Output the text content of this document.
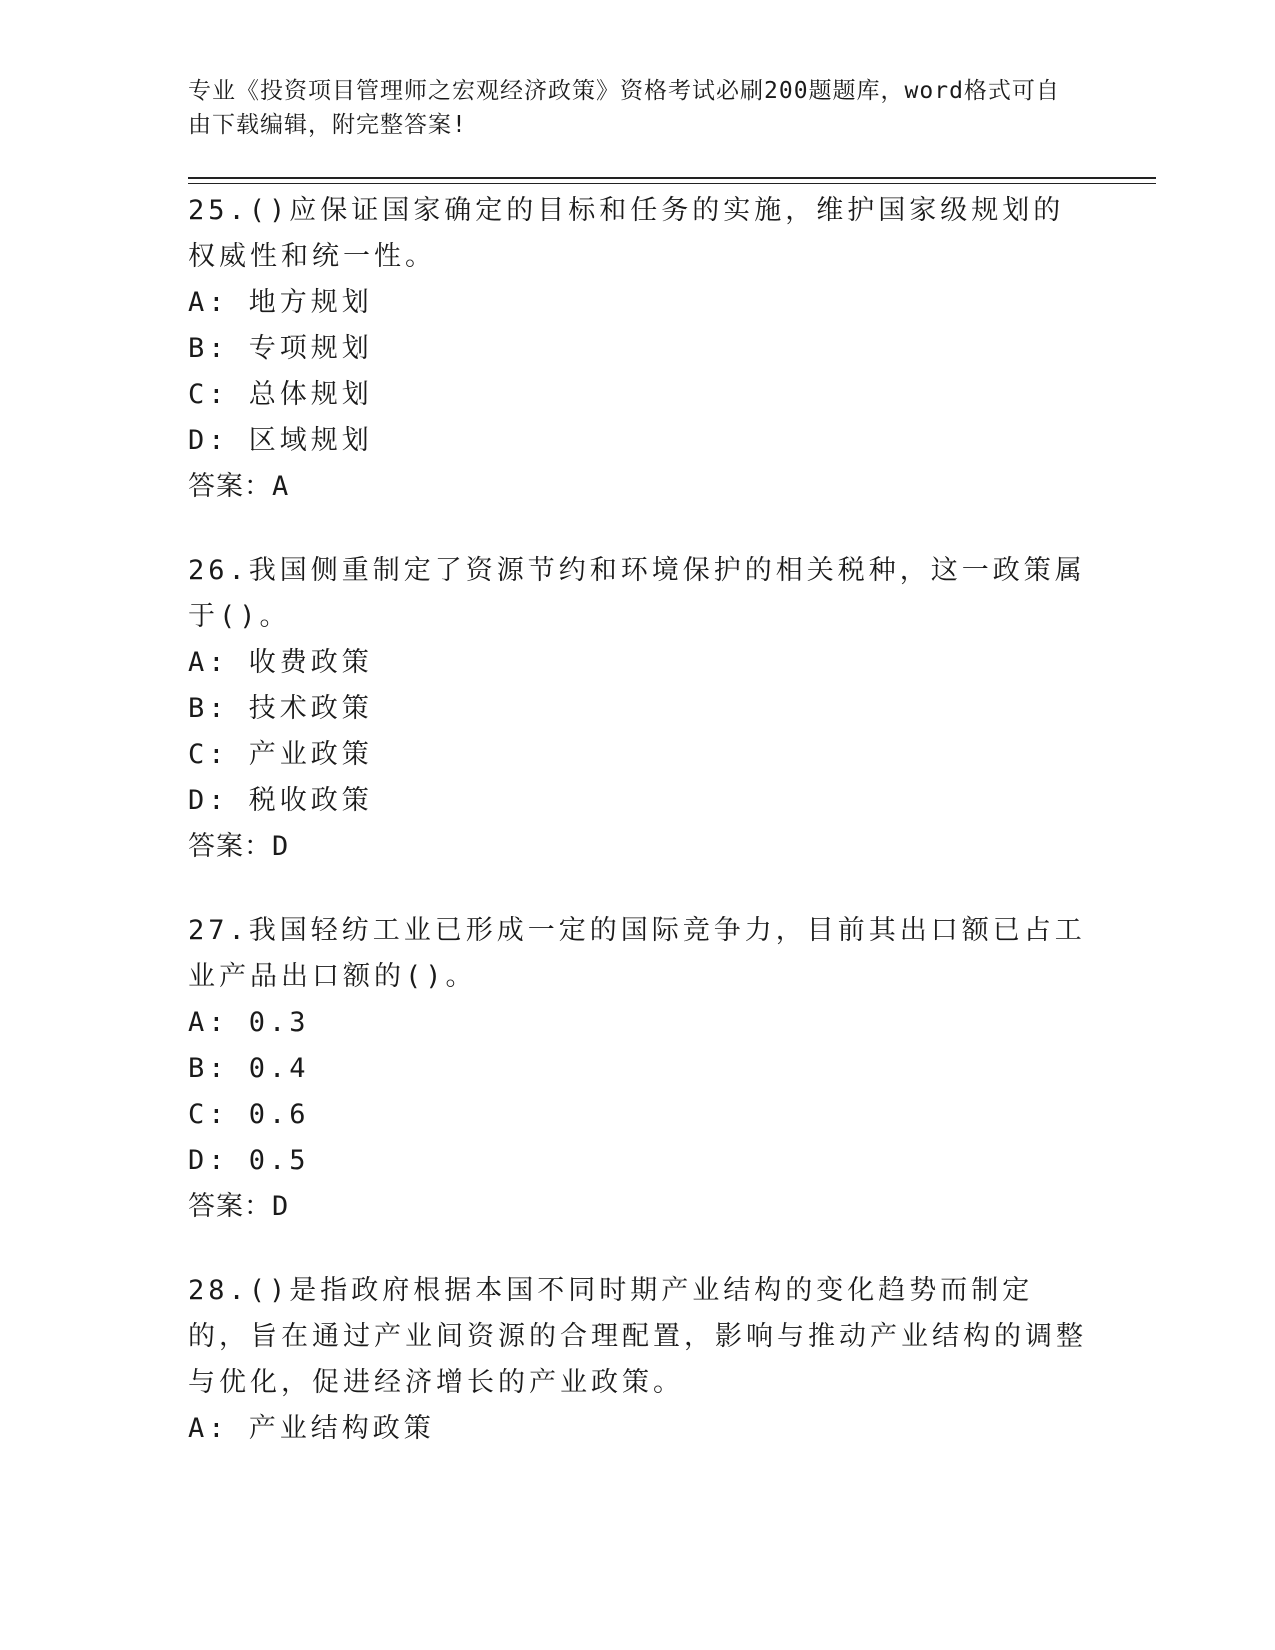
专业《投资项目管理师之宏观经济政策》资格考试必刷200题题库，word格式可自由下载编辑，附完整答案!

25.()应保证国家确定的目标和任务的实施，维护国家级规划的权威性和统一性。

A:
地方规划

B:
专项规划

C:
总体规划

D:
区域规划

答案：A

26.我国侧重制定了资源节约和环境保护的相关税种，这一政策属于()。

A:
收费政策

B:
技术政策

C:
产业政策

D:
税收政策

答案：D

27.我国轻纺工业已形成一定的国际竞争力，目前其出口额已占工业产品出口额的()。

A:
0.3

B:
0.4

C:
0.6

D:
0.5

答案：D

28.()是指政府根据本国不同时期产业结构的变化趋势而制定的，旨在通过产业间资源的合理配置，影响与推动产业结构的调整与优化，促进经济增长的产业政策。

A:
产业结构政策
